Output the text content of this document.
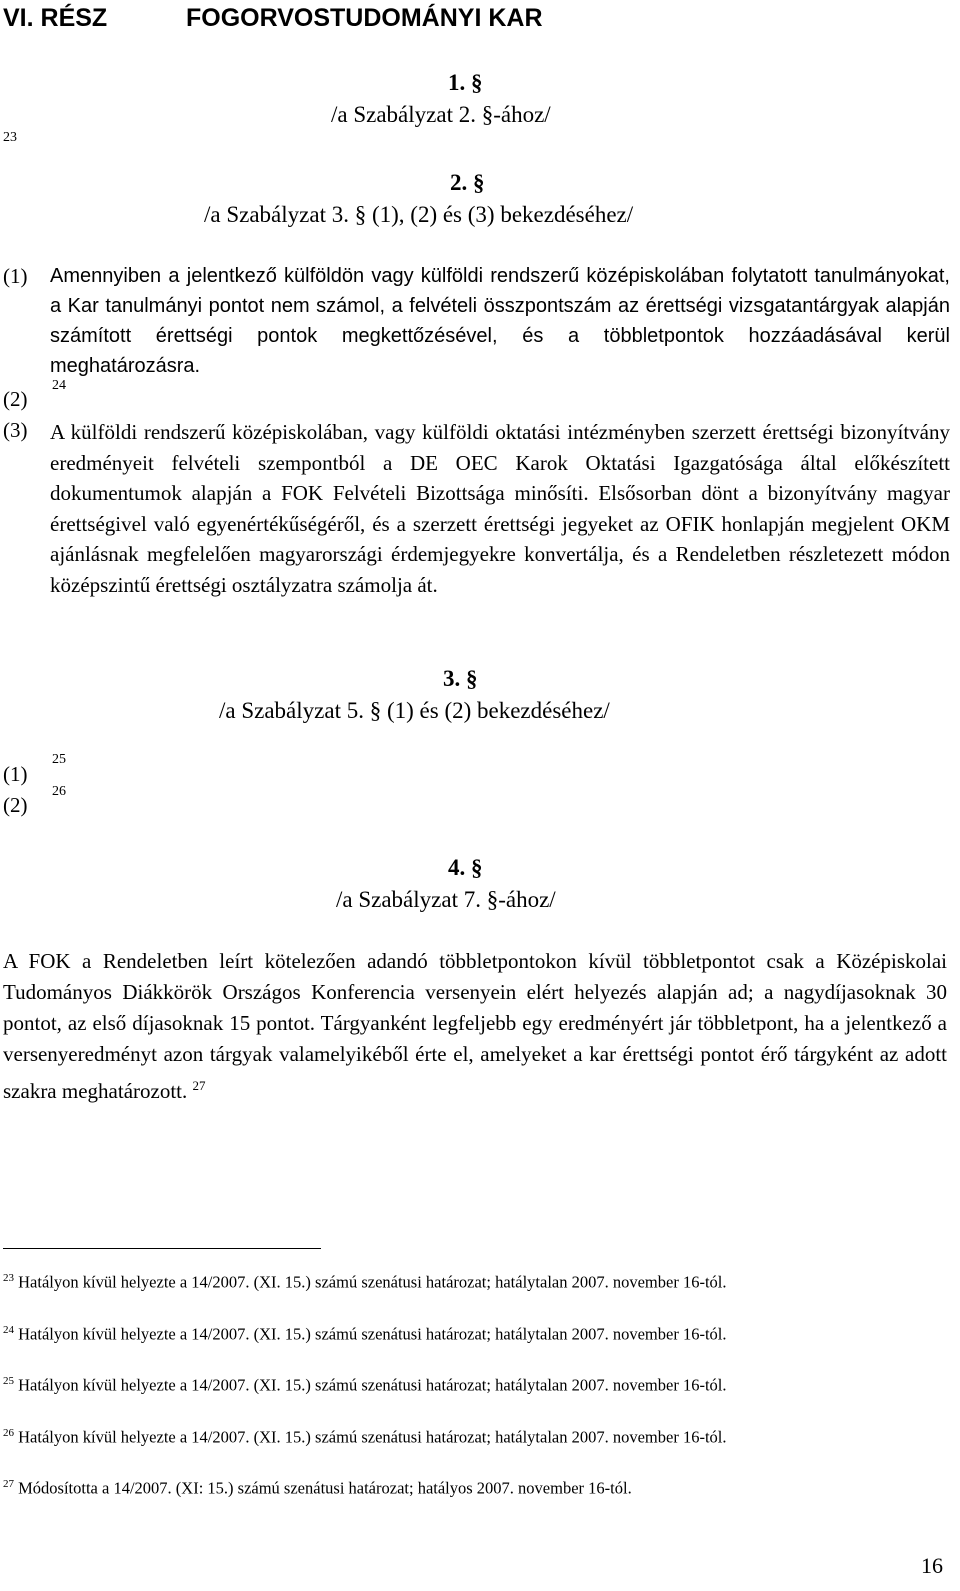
VI. RÉSZ	FOGORVOSTUDOMÁNYI KAR
1. §
/a Szabályzat 2. §-ához/
23
2. §
/a Szabályzat 3. § (1), (2) és (3) bekezdéséhez/
(1) Amennyiben a jelentkező külföldön vagy külföldi rendszerű középiskolában folytatott tanulmányokat, a Kar tanulmányi pontot nem számol, a felvételi összpontszám az érettségi vizsgatantárgyak alapján számított érettségi pontok megkettőzésével, és a többletpontok hozzáadásával kerül meghatározásra.
(2)
24
(3) A külföldi rendszerű középiskolában, vagy külföldi oktatási intézményben szerzett érettségi bizonyítvány eredményeit felvételi szempontból a DE OEC Karok Oktatási Igazgatósága által előkészített dokumentumok alapján a FOK Felvételi Bizottsága minősíti. Elsősorban dönt a bizonyítvány magyar érettségivel való egyenértékűségéről, és a szerzett érettségi jegyeket az OFIK honlapján megjelent OKM ajánlásnak megfelelően magyarországi érdemjegyekre konvertálja, és a Rendeletben részletezett módon középszintű érettségi osztályzatra számolja át.
3. §
/a Szabályzat 5. § (1) és (2) bekezdéséhez/
(1)
25
(2)
26
4. §
/a Szabályzat 7. §-ához/
A FOK a Rendeletben leírt kötelezően adandó többletpontokon kívül többletpontot csak a Középiskolai Tudományos Diákkörök Országos Konferencia versenyein elért helyezés alapján ad; a nagydíjasoknak 30 pontot, az első díjasoknak 15 pontot. Tárgyanként legfeljebb egy eredményért jár többletpont, ha a jelentkező a versenyeredményt azon tárgyak valamelyikéből érte el, amelyeket a kar érettségi pontot érő tárgyként az adott szakra meghatározott. $^{27}$
$^{23}$ Hatályon kívül helyezte a 14/2007. (XI. 15.) számú szenátusi határozat; hatálytalan 2007. november 16-tól.
$^{24}$ Hatályon kívül helyezte a 14/2007. (XI. 15.) számú szenátusi határozat; hatálytalan 2007. november 16-tól.
$^{25}$ Hatályon kívül helyezte a 14/2007. (XI. 15.) számú szenátusi határozat; hatálytalan 2007. november 16-tól.
$^{26}$ Hatályon kívül helyezte a 14/2007. (XI. 15.) számú szenátusi határozat; hatálytalan 2007. november 16-tól.
$^{27}$ Módosította a 14/2007. (XI: 15.) számú szenátusi határozat; hatályos 2007. november 16-tól.
16
